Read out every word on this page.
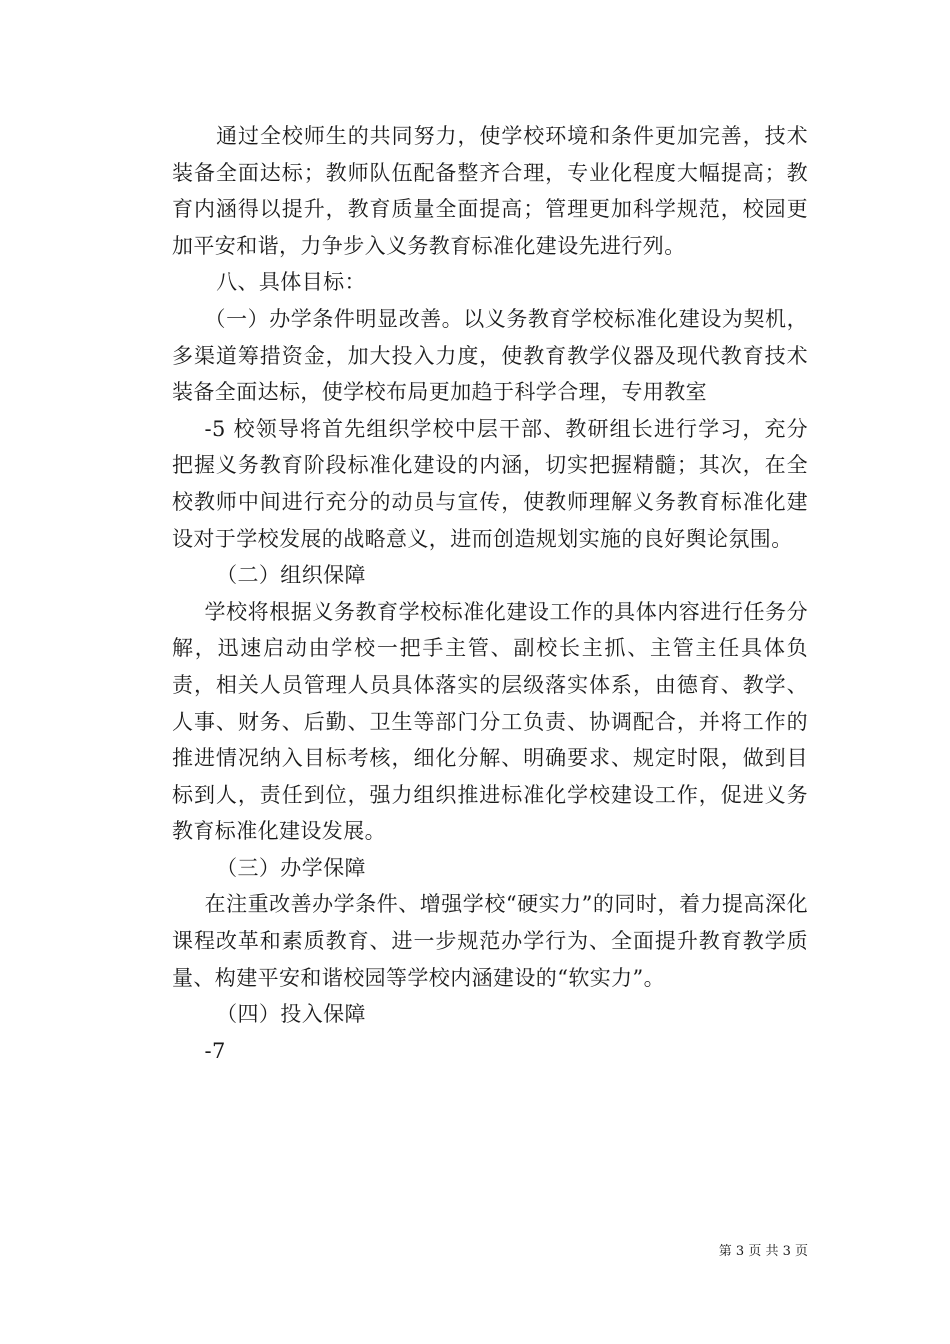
通过全校师生的共同努力，使学校环境和条件更加完善，技术装备全面达标；教师队伍配备整齐合理，专业化程度大幅提高；教育内涵得以提升，教育质量全面提高；管理更加科学规范，校园更加平安和谐，力争步入义务教育标准化建设先进行列。

八、具体目标：

（一）办学条件明显改善。以义务教育学校标准化建设为契机，多渠道筹措资金，加大投入力度，使教育教学仪器及现代教育技术装备全面达标，使学校布局更加趋于科学合理，专用教室

-5 校领导将首先组织学校中层干部、教研组长进行学习，充分把握义务教育阶段标准化建设的内涵，切实把握精髓；其次，在全校教师中间进行充分的动员与宣传，使教师理解义务教育标准化建设对于学校发展的战略意义，进而创造规划实施的良好舆论氛围。

（二）组织保障

学校将根据义务教育学校标准化建设工作的具体内容进行任务分解，迅速启动由学校一把手主管、副校长主抓、主管主任具体负责，相关人员管理人员具体落实的层级落实体系，由德育、教学、人事、财务、后勤、卫生等部门分工负责、协调配合，并将工作的推进情况纳入目标考核，细化分解、明确要求、规定时限，做到目标到人，责任到位，强力组织推进标准化学校建设工作，促进义务教育标准化建设发展。

（三）办学保障

在注重改善办学条件、增强学校“硬实力”的同时，着力提高深化课程改革和素质教育、进一步规范办学行为、全面提升教育教学质量、构建平安和谐校园等学校内涵建设的“软实力”。

（四）投入保障

-7

第 3 页 共 3 页
